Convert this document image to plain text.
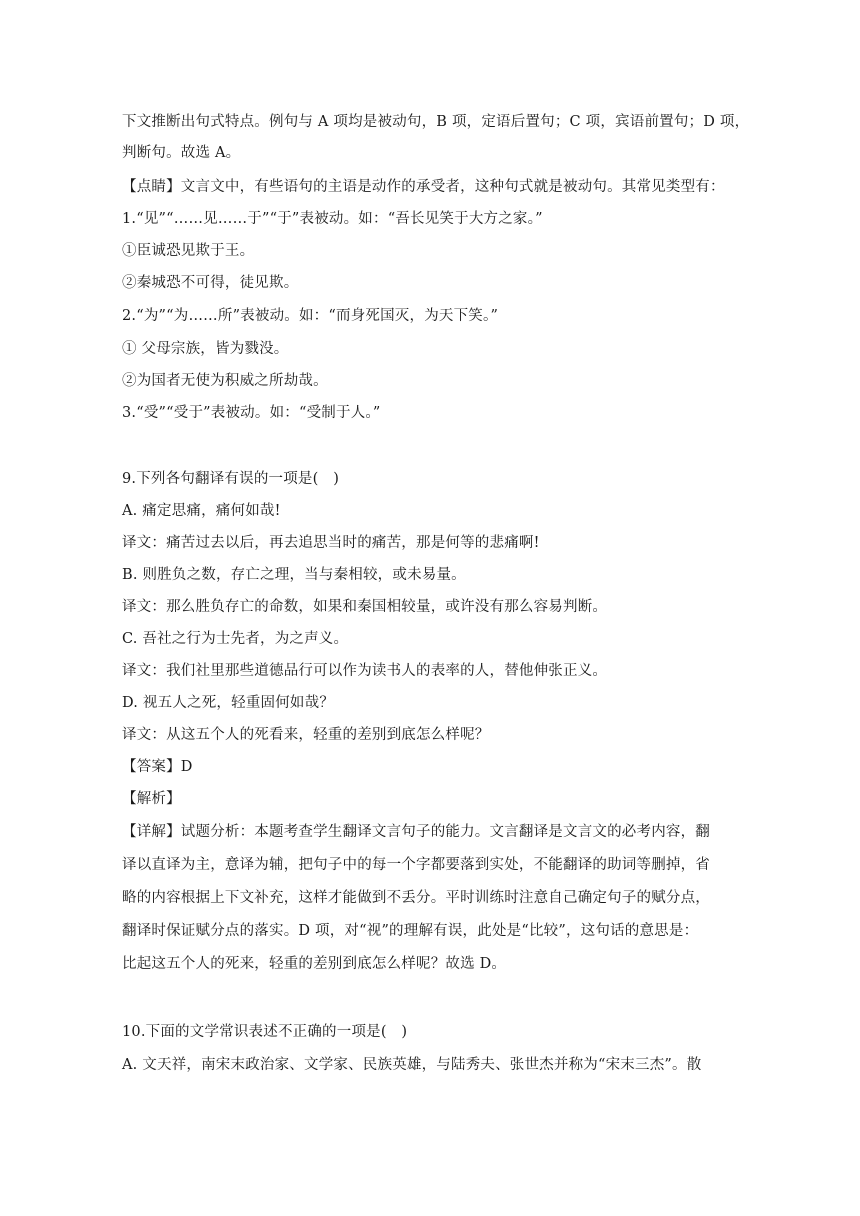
下文推断出句式特点。例句与 A 项均是被动句，B 项，定语后置句；C 项，宾语前置句；D 项，
判断句。故选 A。
【点睛】文言文中，有些语句的主语是动作的承受者，这种句式就是被动句。其常见类型有：
1.“见”“……见……于”“于”表被动。如：“吾长见笑于大方之家。”
①臣诚恐见欺于王。
②秦城恐不可得，徒见欺。
2.“为”“为……所”表被动。如：“而身死国灭，为天下笑。”
① 父母宗族，皆为戮没。
②为国者无使为积威之所劫哉。
3.“受”“受于”表被动。如：“受制于人。”
9.下列各句翻译有误的一项是(　)
A. 痛定思痛，痛何如哉!
译文：痛苦过去以后，再去追思当时的痛苦，那是何等的悲痛啊!
B. 则胜负之数，存亡之理，当与秦相较，或未易量。
译文：那么胜负存亡的命数，如果和秦国相较量，或许没有那么容易判断。
C. 吾社之行为士先者，为之声义。
译文：我们社里那些道德品行可以作为读书人的表率的人，替他伸张正义。
D. 视五人之死，轻重固何如哉？
译文：从这五个人的死看来，轻重的差别到底怎么样呢？
【答案】D
【解析】
【详解】试题分析：本题考查学生翻译文言句子的能力。文言翻译是文言文的必考内容，翻
译以直译为主，意译为辅，把句子中的每一个字都要落到实处，不能翻译的助词等删掉，省
略的内容根据上下文补充，这样才能做到不丢分。平时训练时注意自己确定句子的赋分点，
翻译时保证赋分点的落实。D 项，对“视”的理解有误，此处是“比较”，这句话的意思是：
比起这五个人的死来，轻重的差别到底怎么样呢？故选 D。
10.下面的文学常识表述不正确的一项是(　)
A. 文天祥，南宋末政治家、文学家、民族英雄，与陆秀夫、张世杰并称为“宋末三杰”。散
